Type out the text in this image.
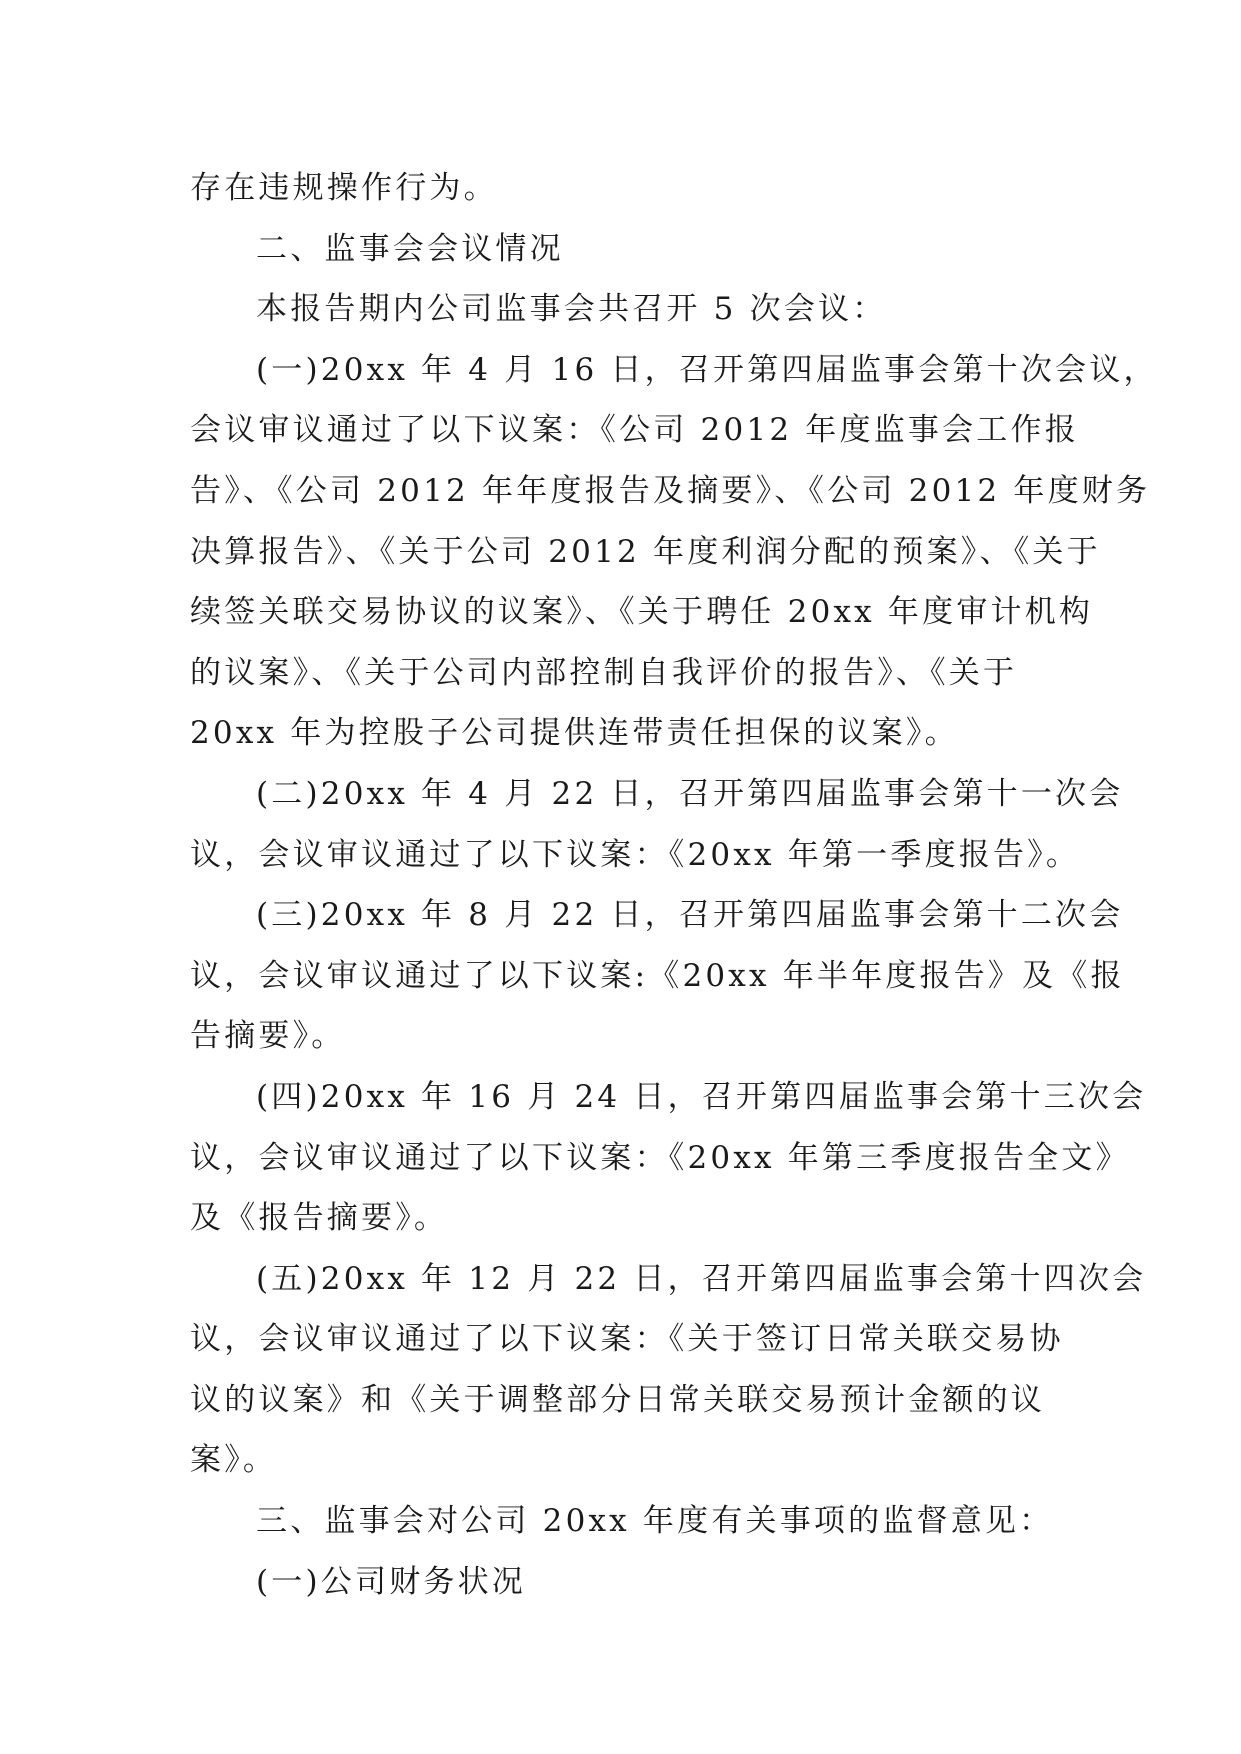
存在违规操作行为。
二、监事会会议情况
本报告期内公司监事会共召开 5 次会议：
(一)20xx 年 4 月 16 日，召开第四届监事会第十次会议，
会议审议通过了以下议案：《公司 2012 年度监事会工作报
告》、《公司 2012 年年度报告及摘要》、《公司 2012 年度财务
决算报告》、《关于公司 2012 年度利润分配的预案》、《关于
续签关联交易协议的议案》、《关于聘任 20xx 年度审计机构
的议案》、《关于公司内部控制自我评价的报告》、《关于
20xx 年为控股子公司提供连带责任担保的议案》。
(二)20xx 年 4 月 22 日，召开第四届监事会第十一次会
议，会议审议通过了以下议案：《20xx 年第一季度报告》。
(三)20xx 年 8 月 22 日，召开第四届监事会第十二次会
议，会议审议通过了以下议案:《20xx 年半年度报告》及《报
告摘要》。
(四)20xx 年 16 月 24 日，召开第四届监事会第十三次会
议，会议审议通过了以下议案：《20xx 年第三季度报告全文》
及《报告摘要》。
(五)20xx 年 12 月 22 日，召开第四届监事会第十四次会
议，会议审议通过了以下议案：《关于签订日常关联交易协
议的议案》和《关于调整部分日常关联交易预计金额的议
案》。
三、监事会对公司 20xx 年度有关事项的监督意见：
(一)公司财务状况
